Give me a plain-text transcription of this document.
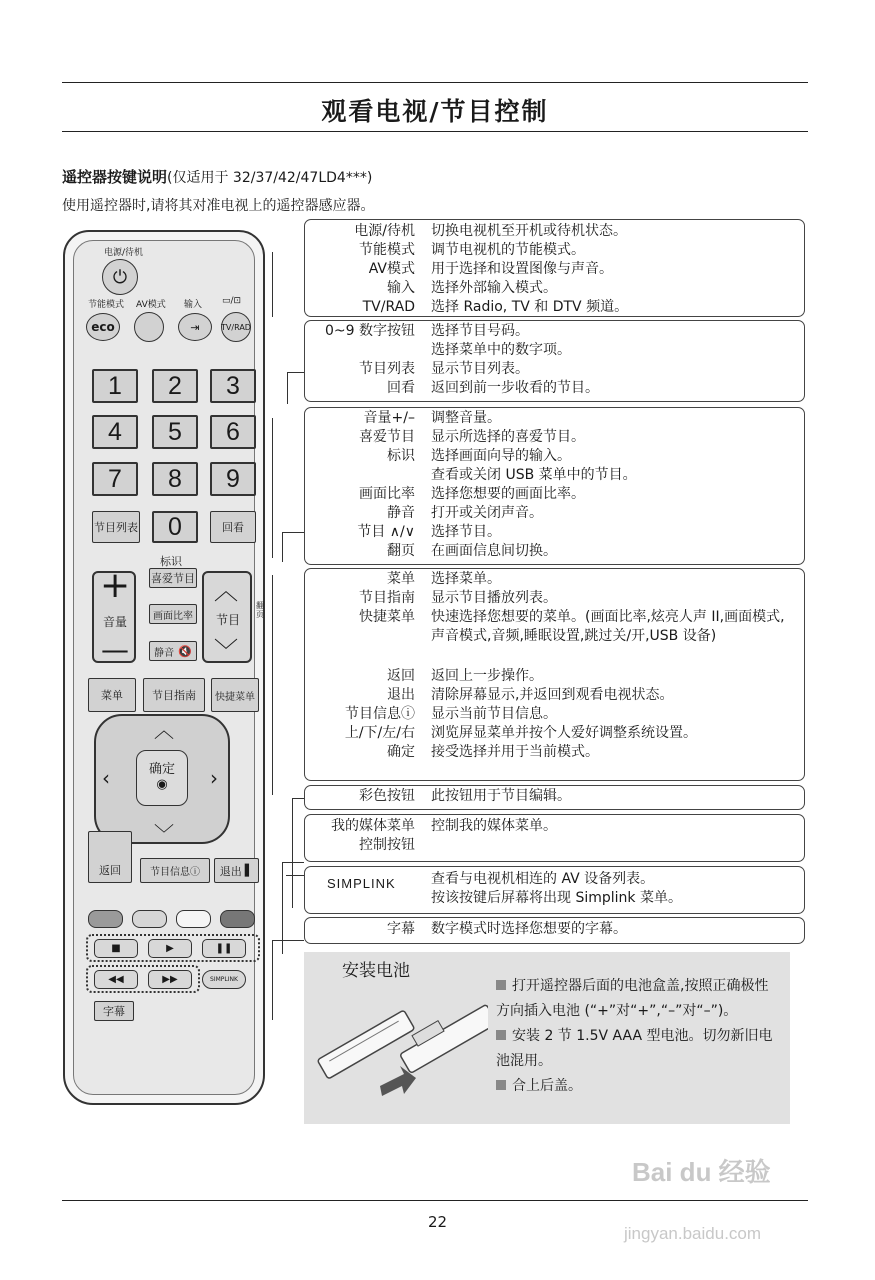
观看电视/节目控制
遥控器按键说明(仅适用于 32/37/42/47LD4***)
使用遥控器时,请将其对准电视上的遥控器感应器。
电源/待机
⏻
节能模式 AV模式 输入 ▭/⊡
eco	⇥	TV/RAD
1	2	3
4	5	6
7	8	9
节目列表	0	回看
标识
+
音量
—
喜爱节目
画面比率
静音 🔇
︿
节目
﹀
翻页
菜单	节目指南	快捷菜单
︿
‹	›
﹀
确定
◉
返回	节目信息ⓘ	退出 ▌
■	▶	❚❚
◀◀	▶▶	SIMPLINK
字幕
SIMPLINK
电源/待机 切换电视机至开机或待机状态。
节能模式 调节电视机的节能模式。
AV模式 用于选择和设置图像与声音。
输入 选择外部输入模式。
TV/RAD 选择 Radio, TV 和 DTV 频道。
0~9 数字按钮 选择节目号码。
选择菜单中的数字项。
节目列表 显示节目列表。
回看 返回到前一步收看的节目。
音量+/– 调整音量。
喜爱节目 显示所选择的喜爱节目。
标识 选择画面向导的输入。
查看或关闭 USB 菜单中的节目。
画面比率 选择您想要的画面比率。
静音 打开或关闭声音。
节目 ∧/∨ 选择节目。
翻页 在画面信息间切换。
菜单 选择菜单。
节目指南 显示节目播放列表。
快捷菜单 快速选择您想要的菜单。(画面比率,炫亮人声 II,画面模式,声音模式,音频,睡眠设置,跳过关/开,USB 设备)
返回 返回上一步操作。
退出 清除屏幕显示,并返回到观看电视状态。
节目信息ⓘ 显示当前节目信息。
上/下/左/右 浏览屏显菜单并按个人爱好调整系统设置。
确定 接受选择并用于当前模式。
彩色按钮 此按钮用于节目编辑。
我的媒体菜单 控制我的媒体菜单。
控制按钮
查看与电视机相连的 AV 设备列表。
按该按键后屏幕将出现 Simplink 菜单。
字幕 数字模式时选择您想要的字幕。
安装电池
打开遥控器后面的电池盒盖,按照正确极性方向插入电池 (“+”对“+”,“–”对“–”)。
安装 2 节 1.5V AAA 型电池。切勿新旧电池混用。
合上后盖。
22
Bai du 经验
jingyan.baidu.com
